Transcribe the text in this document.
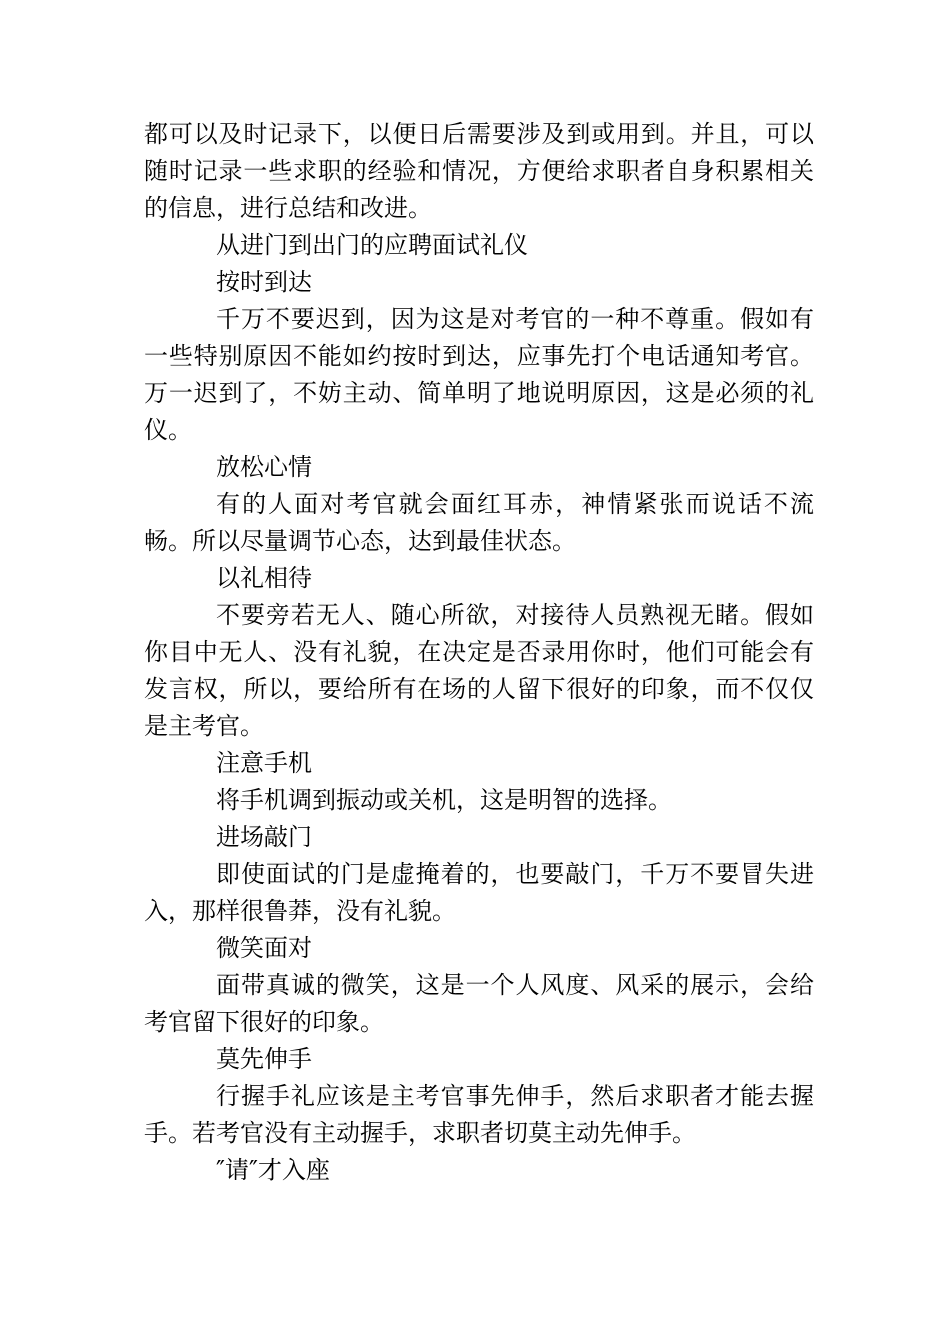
都可以及时记录下，以便日后需要涉及到或用到。并且，可以随时记录一些求职的经验和情况，方便给求职者自身积累相关的信息，进行总结和改进。

从进门到出门的应聘面试礼仪

按时到达

千万不要迟到，因为这是对考官的一种不尊重。假如有一些特别原因不能如约按时到达，应事先打个电话通知考官。万一迟到了，不妨主动、简单明了地说明原因，这是必须的礼仪。

放松心情

有的人面对考官就会面红耳赤，神情紧张而说话不流畅。所以尽量调节心态，达到最佳状态。

以礼相待

不要旁若无人、随心所欲，对接待人员熟视无睹。假如你目中无人、没有礼貌，在决定是否录用你时，他们可能会有发言权，所以，要给所有在场的人留下很好的印象，而不仅仅是主考官。

注意手机

将手机调到振动或关机，这是明智的选择。

进场敲门

即使面试的门是虚掩着的，也要敲门，千万不要冒失进入，那样很鲁莽，没有礼貌。

微笑面对

面带真诚的微笑，这是一个人风度、风采的展示，会给考官留下很好的印象。

莫先伸手

行握手礼应该是主考官事先伸手，然后求职者才能去握手。若考官没有主动握手，求职者切莫主动先伸手。

″请″才入座
